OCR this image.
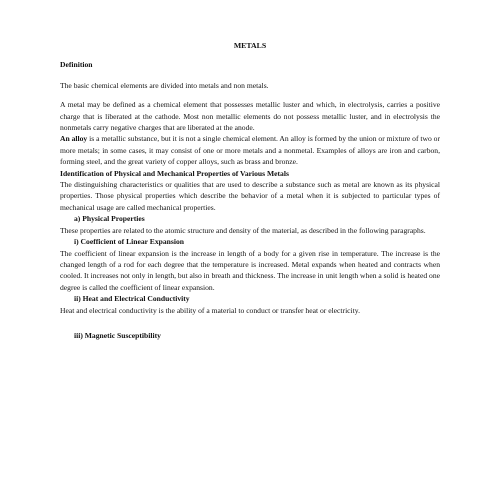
METALS
Definition

The basic chemical elements are divided into metals and non metals.

A metal may be defined as a chemical element that possesses metallic luster and which, in electrolysis, carries a positive charge that is liberated at the cathode. Most non metallic elements do not possess metallic luster, and in electrolysis the nonmetals carry negative charges that are liberated at the anode.

An alloy is a metallic substance, but it is not a single chemical element. An alloy is formed by the union or mixture of two or more metals; in some cases, it may consist of one or more metals and a nonmetal. Examples of alloys are iron and carbon, forming steel, and the great variety of copper alloys, such as brass and bronze.

Identification of Physical and Mechanical Properties of Various Metals

The distinguishing characteristics or qualities that are used to describe a substance such as metal are known as its physical properties. Those physical properties which describe the behavior of a metal when it is subjected to particular types of mechanical usage are called mechanical properties.

a) Physical Properties

These properties are related to the atomic structure and density of the material, as described in the following paragraphs.

i) Coefficient of Linear Expansion

The coefficient of linear expansion is the increase in length of a body for a given rise in temperature. The increase is the changed length of a rod for each degree that the temperature is increased. Metal expands when heated and contracts when cooled. It increases not only in length, but also in breath and thickness. The increase in unit length when a solid is heated one degree is called the coefficient of linear expansion.

ii) Heat and Electrical Conductivity

Heat and electrical conductivity is the ability of a material to conduct or transfer heat or electricity.

iii) Magnetic Susceptibility
